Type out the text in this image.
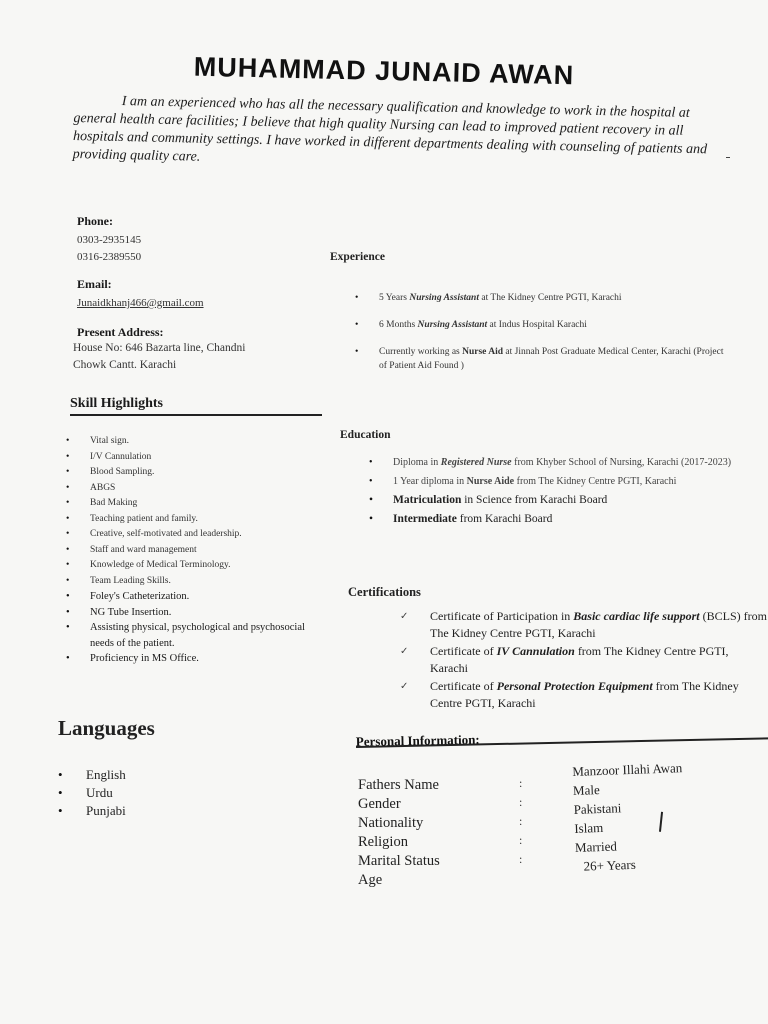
MUHAMMAD JUNAID AWAN
I am an experienced who has all the necessary qualification and knowledge to work in the hospital at general health care facilities; I believe that high quality Nursing can lead to improved patient recovery in all hospitals and community settings. I have worked in different departments dealing with counseling of patients and providing quality care.
Phone:
0303-2935145
0316-2389550
Email:
Junaidkhanj466@gmail.com
Present Address:
House No: 646 Bazarta line, Chandni
Chowk Cantt. Karachi
Skill Highlights
• Vital sign.
• I/V Cannulation
• Blood Sampling.
• ABGS
• Bad Making
• Teaching patient and family.
• Creative, self-motivated and leadership.
• Staff and ward management
• Knowledge of Medical Terminology.
• Team Leading Skills.
• Foley's Catheterization.
• NG Tube Insertion.
• Assisting physical, psychological and psychosocial needs of the patient.
• Proficiency in MS Office.
Experience
• 5 Years Nursing Assistant at The Kidney Centre PGTI, Karachi
• 6 Months Nursing Assistant at Indus Hospital Karachi
• Currently working as Nurse Aid at Jinnah Post Graduate Medical Center, Karachi (Project of Patient Aid Found )
Education
• Diploma in Registered Nurse from Khyber School of Nursing, Karachi (2017-2023)
• 1 Year diploma in Nurse Aide from The Kidney Centre PGTI, Karachi
• Matriculation in Science from Karachi Board
• Intermediate from Karachi Board
Certifications
✓ Certificate of Participation in Basic cardiac life support (BCLS) from The Kidney Centre PGTI, Karachi
✓ Certificate of IV Cannulation from The Kidney Centre PGTI, Karachi
✓ Certificate of Personal Protection Equipment from The Kidney Centre PGTI, Karachi
Languages
• English
• Urdu
• Punjabi
Personal Information:
Fathers Name
Gender
Nationality
Religion
Marital Status
Age
:
:
:
:
:
Manzoor Illahi Awan
Male
Pakistani
Islam
Married
26+ Years
